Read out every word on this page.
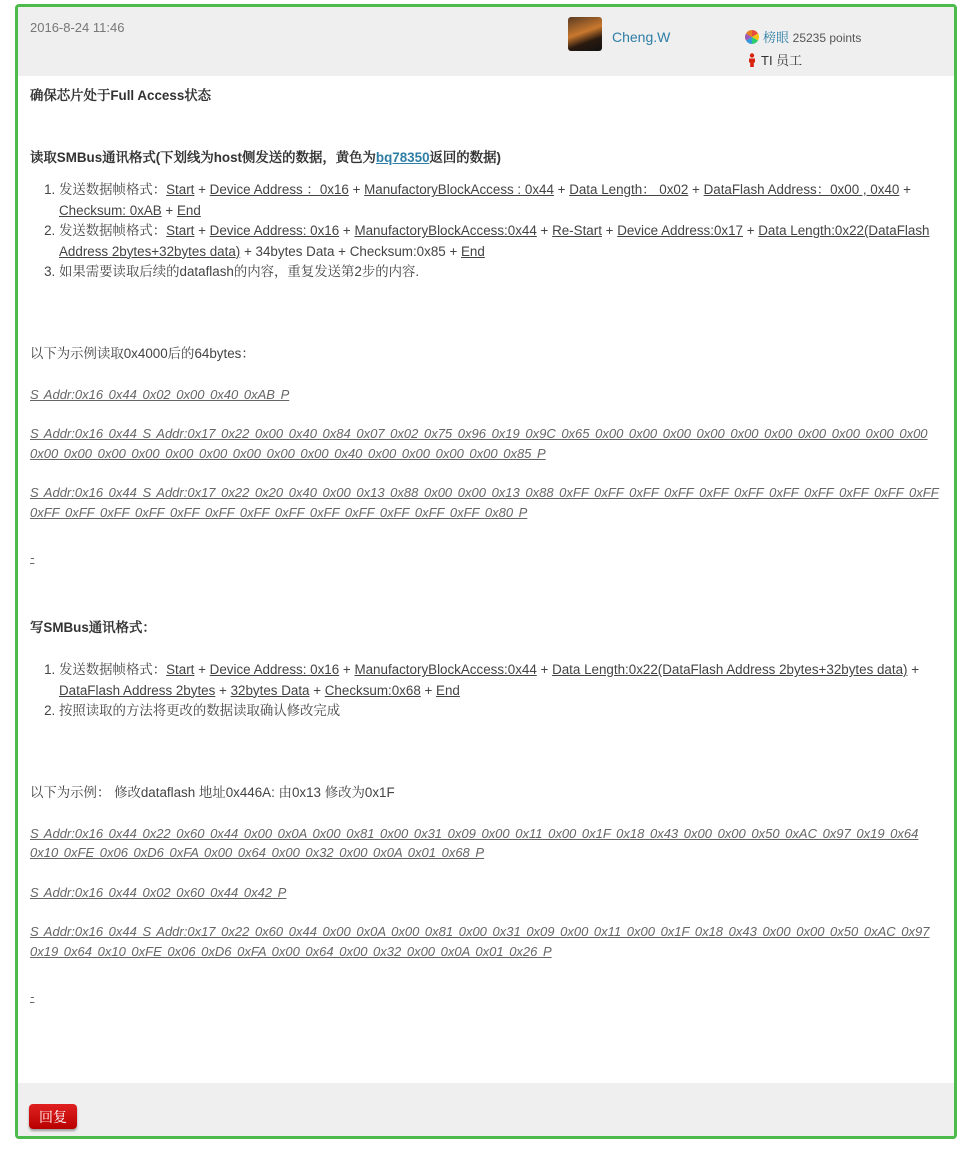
2016-8-24 11:46
Cheng.W	榜眼 25235 points
TI 员工

确保芯片处于Full Access状态

读取SMBus通讯格式(下划线为host侧发送的数据，黄色为bq78350返回的数据)

1. 发送数据帧格式：Start + Device Address ：0x16 + ManufactoryBlockAccess : 0x44 + Data Length： 0x02 + DataFlash Address：0x00 , 0x40 + Checksum: 0xAB + End
2. 发送数据帧格式：Start + Device Address: 0x16 + ManufactoryBlockAccess:0x44 + Re-Start + Device Address:0x17 + Data Length:0x22(DataFlash Address 2bytes+32bytes data) + 34bytes Data + Checksum:0x85 + End
3. 如果需要读取后续的dataflash的内容，重复发送第2步的内容.

以下为示例读取0x4000后的64bytes：

S Addr:0x16 0x44 0x02 0x00 0x40 0xAB P

S Addr:0x16 0x44 S Addr:0x17 0x22 0x00 0x40 0x84 0x07 0x02 0x75 0x96 0x19 0x9C 0x65 0x00 0x00 0x00 0x00 0x00 0x00 0x00 0x00 0x00 0x00 0x00 0x00 0x00 0x00 0x00 0x00 0x00 0x00 0x00 0x40 0x00 0x00 0x00 0x00 0x85 P

S Addr:0x16 0x44 S Addr:0x17 0x22 0x20 0x40 0x00 0x13 0x88 0x00 0x00 0x13 0x88 0xFF 0xFF 0xFF 0xFF 0xFF 0xFF 0xFF 0xFF 0xFF 0xFF 0xFF 0xFF 0xFF 0xFF 0xFF 0xFF 0xFF 0xFF 0xFF 0xFF 0xFF 0xFF 0xFF 0xFF 0x80 P

-

写SMBus通讯格式：

1. 发送数据帧格式：Start + Device Address: 0x16 + ManufactoryBlockAccess:0x44 + Data Length:0x22(DataFlash Address 2bytes+32bytes data) + DataFlash Address 2bytes + 32bytes Data + Checksum:0x68 + End
2. 按照读取的方法将更改的数据读取确认修改完成

以下为示例： 修改dataflash 地址0x446A: 由0x13 修改为0x1F

S Addr:0x16 0x44 0x22 0x60 0x44 0x00 0x0A 0x00 0x81 0x00 0x31 0x09 0x00 0x11 0x00 0x1F 0x18 0x43 0x00 0x00 0x50 0xAC 0x97 0x19 0x64 0x10 0xFE 0x06 0xD6 0xFA 0x00 0x64 0x00 0x32 0x00 0x0A 0x01 0x68 P

S Addr:0x16 0x44 0x02 0x60 0x44 0x42 P

S Addr:0x16 0x44 S Addr:0x17 0x22 0x60 0x44 0x00 0x0A 0x00 0x81 0x00 0x31 0x09 0x00 0x11 0x00 0x1F 0x18 0x43 0x00 0x00 0x50 0xAC 0x97 0x19 0x64 0x10 0xFE 0x06 0xD6 0xFA 0x00 0x64 0x00 0x32 0x00 0x0A 0x01 0x26 P

-

回复
